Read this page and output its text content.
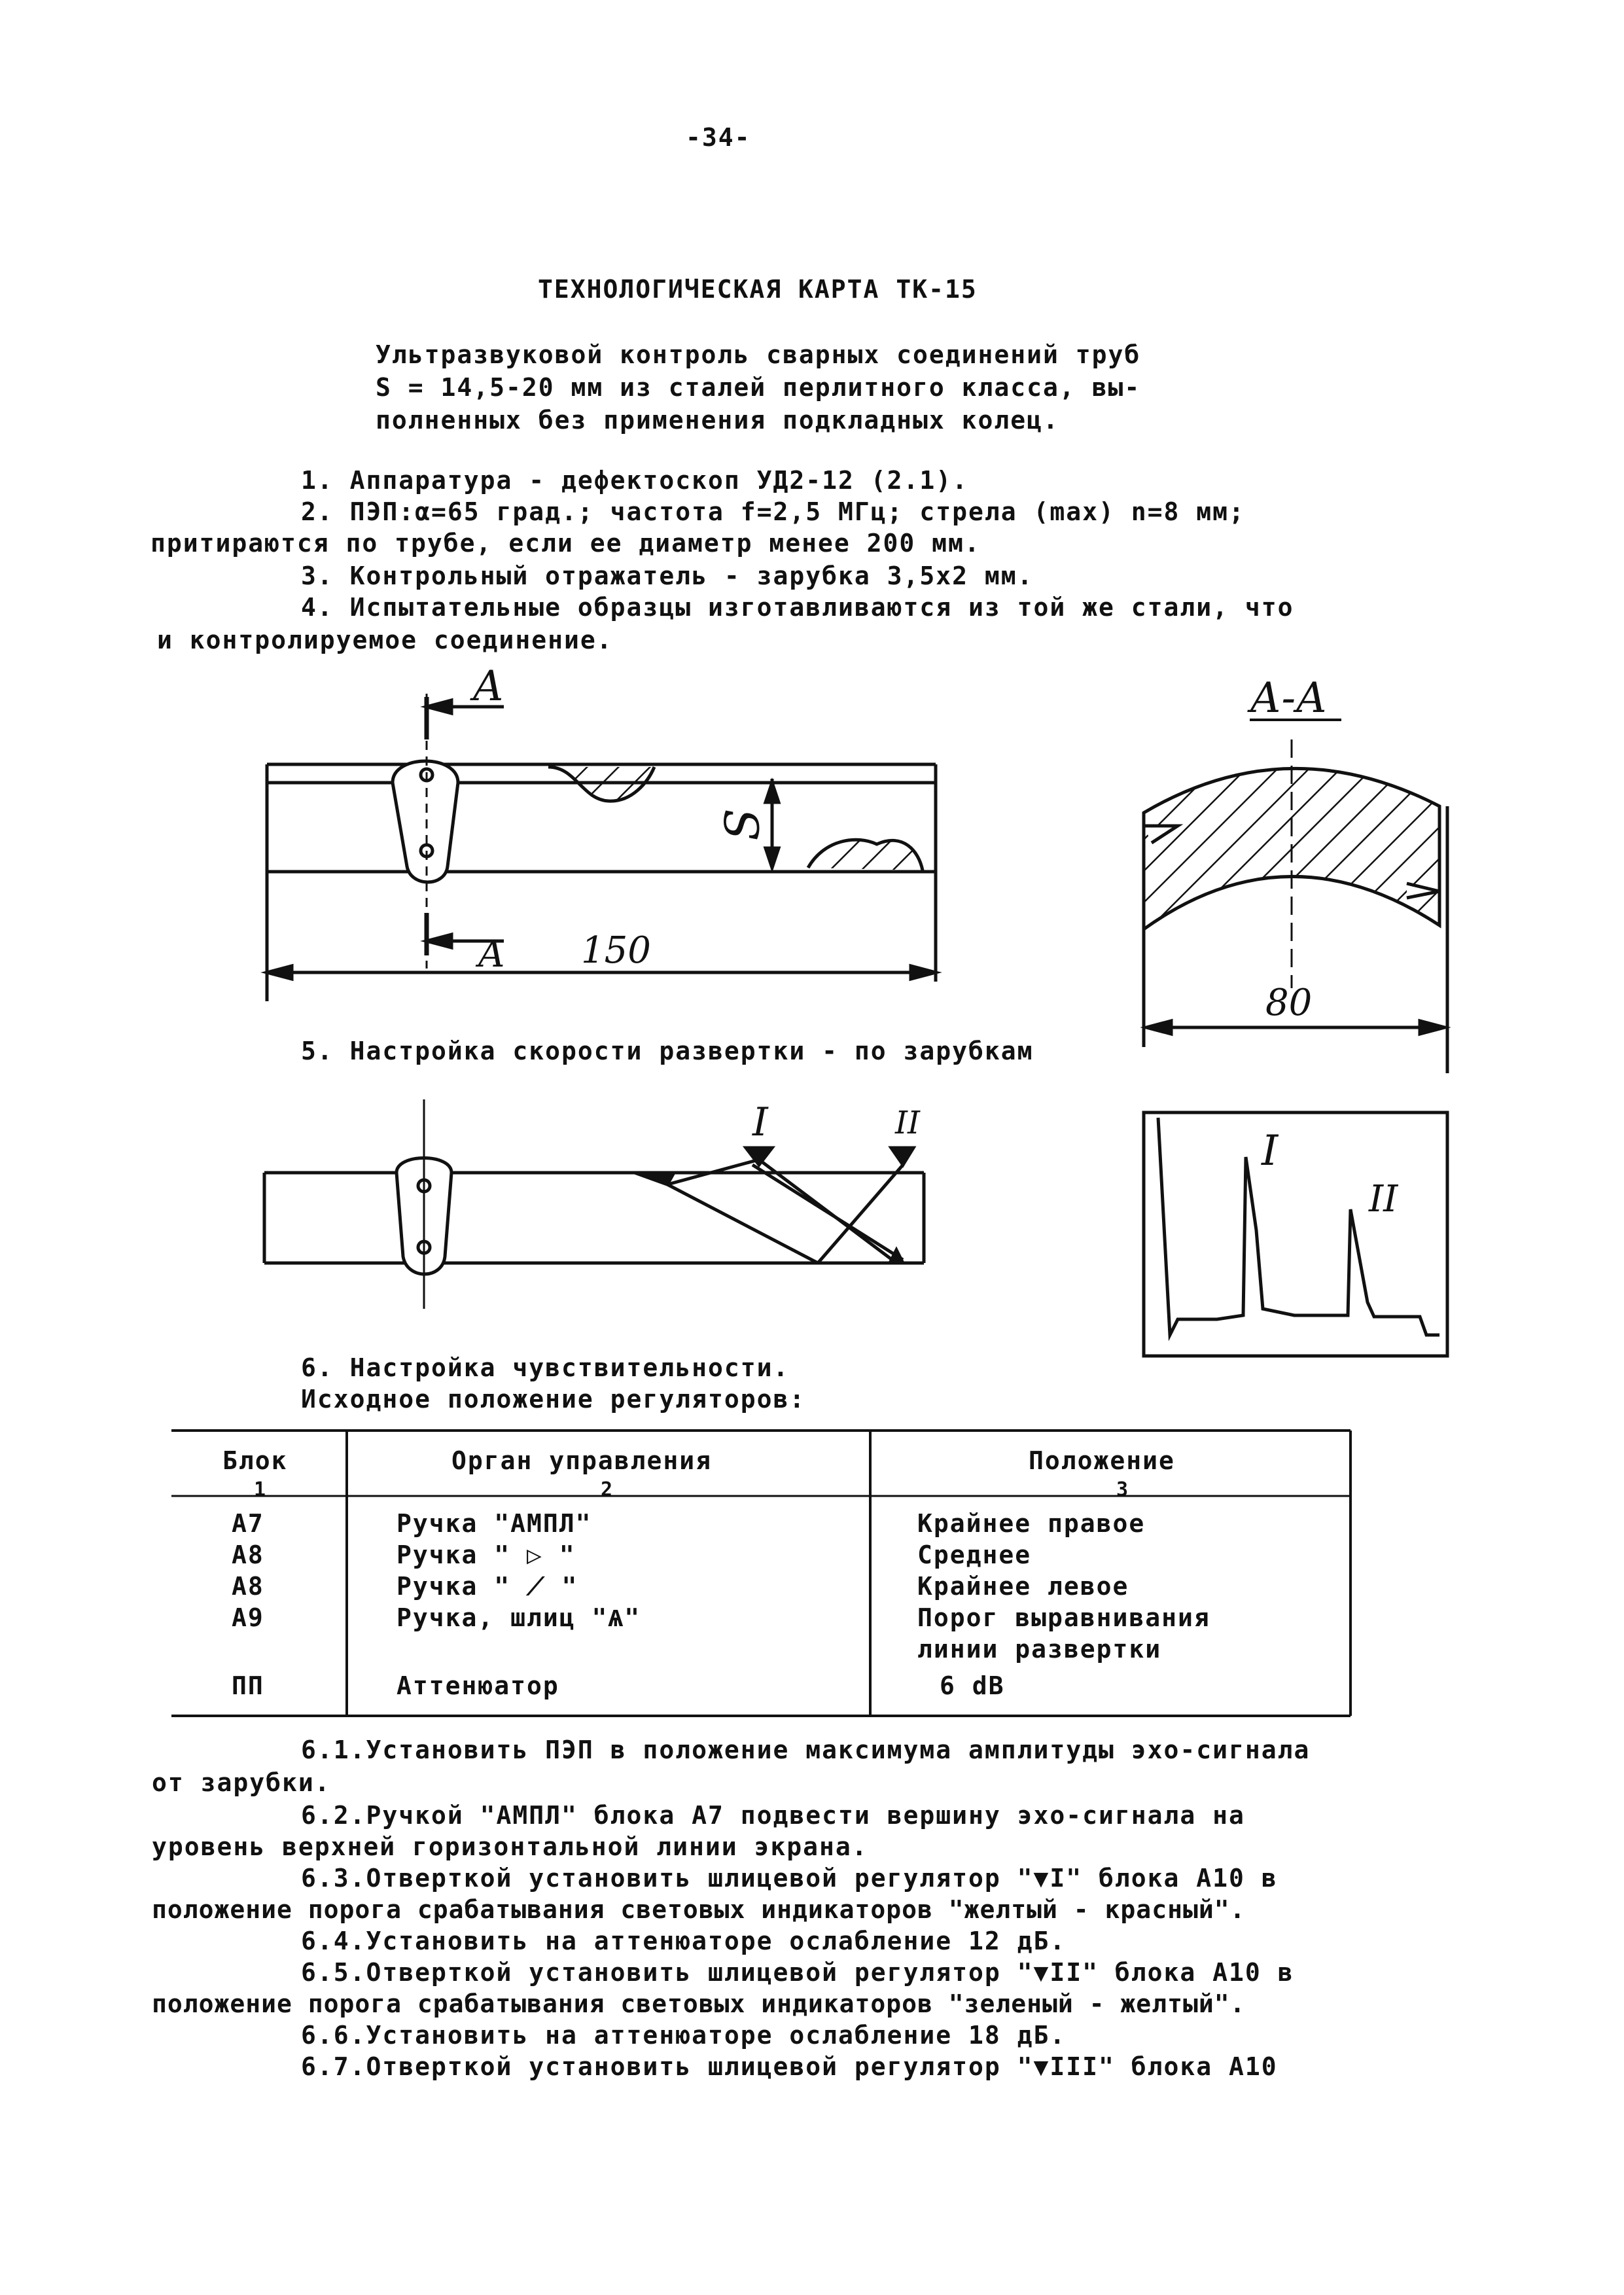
-34-
ТЕХНОЛОГИЧЕСКАЯ КАРТА ТК-15
Ультразвуковой контроль сварных соединений труб
S = 14,5-20 мм из сталей перлитного класса, вы-
полненных без применения подкладных колец.
1. Аппаратура - дефектоскоп УД2-12 (2.1).
2. ПЭП:α=65 град.; частота f=2,5 МГц; стрела (max) n=8 мм;
притираются по трубе, если ее диаметр менее 200 мм.
3. Контрольный отражатель - зарубка 3,5х2 мм.
4. Испытательные образцы изготавливаются из той же стали, что
и контролируемое соединение.
А
А
S
150
А-А
80
5. Настройка скорости развертки - по зарубкам
I	II
I
II
6. Настройка чувствительности.
Исходное положение регуляторов:
Блок	Орган управления	Положение
1	2	3
А7	Ручка "АМПЛ"	Крайнее правое
А8	Ручка " ▷ "	Среднее
А8	Ручка " ⟋ "	Крайнее левое
А9	Ручка, шлиц "Ѧ"	Порог выравнивания
линии развертки
ПП	Аттенюатор	6 dB
6.1.Установить ПЭП в положение максимума амплитуды эхо-сигнала
от зарубки.
6.2.Ручкой "АМПЛ" блока А7 подвести вершину эхо-сигнала на
уровень верхней горизонтальной линии экрана.
6.3.Отверткой установить шлицевой регулятор "▼I" блока А10 в
положение порога срабатывания световых индикаторов "желтый - красный".
6.4.Установить на аттенюаторе ослабление 12 дБ.
6.5.Отверткой установить шлицевой регулятор "▼II" блока А10 в
положение порога срабатывания световых индикаторов "зеленый - желтый".
6.6.Установить на аттенюаторе ослабление 18 дБ.
6.7.Отверткой установить шлицевой регулятор "▼III" блока А10
